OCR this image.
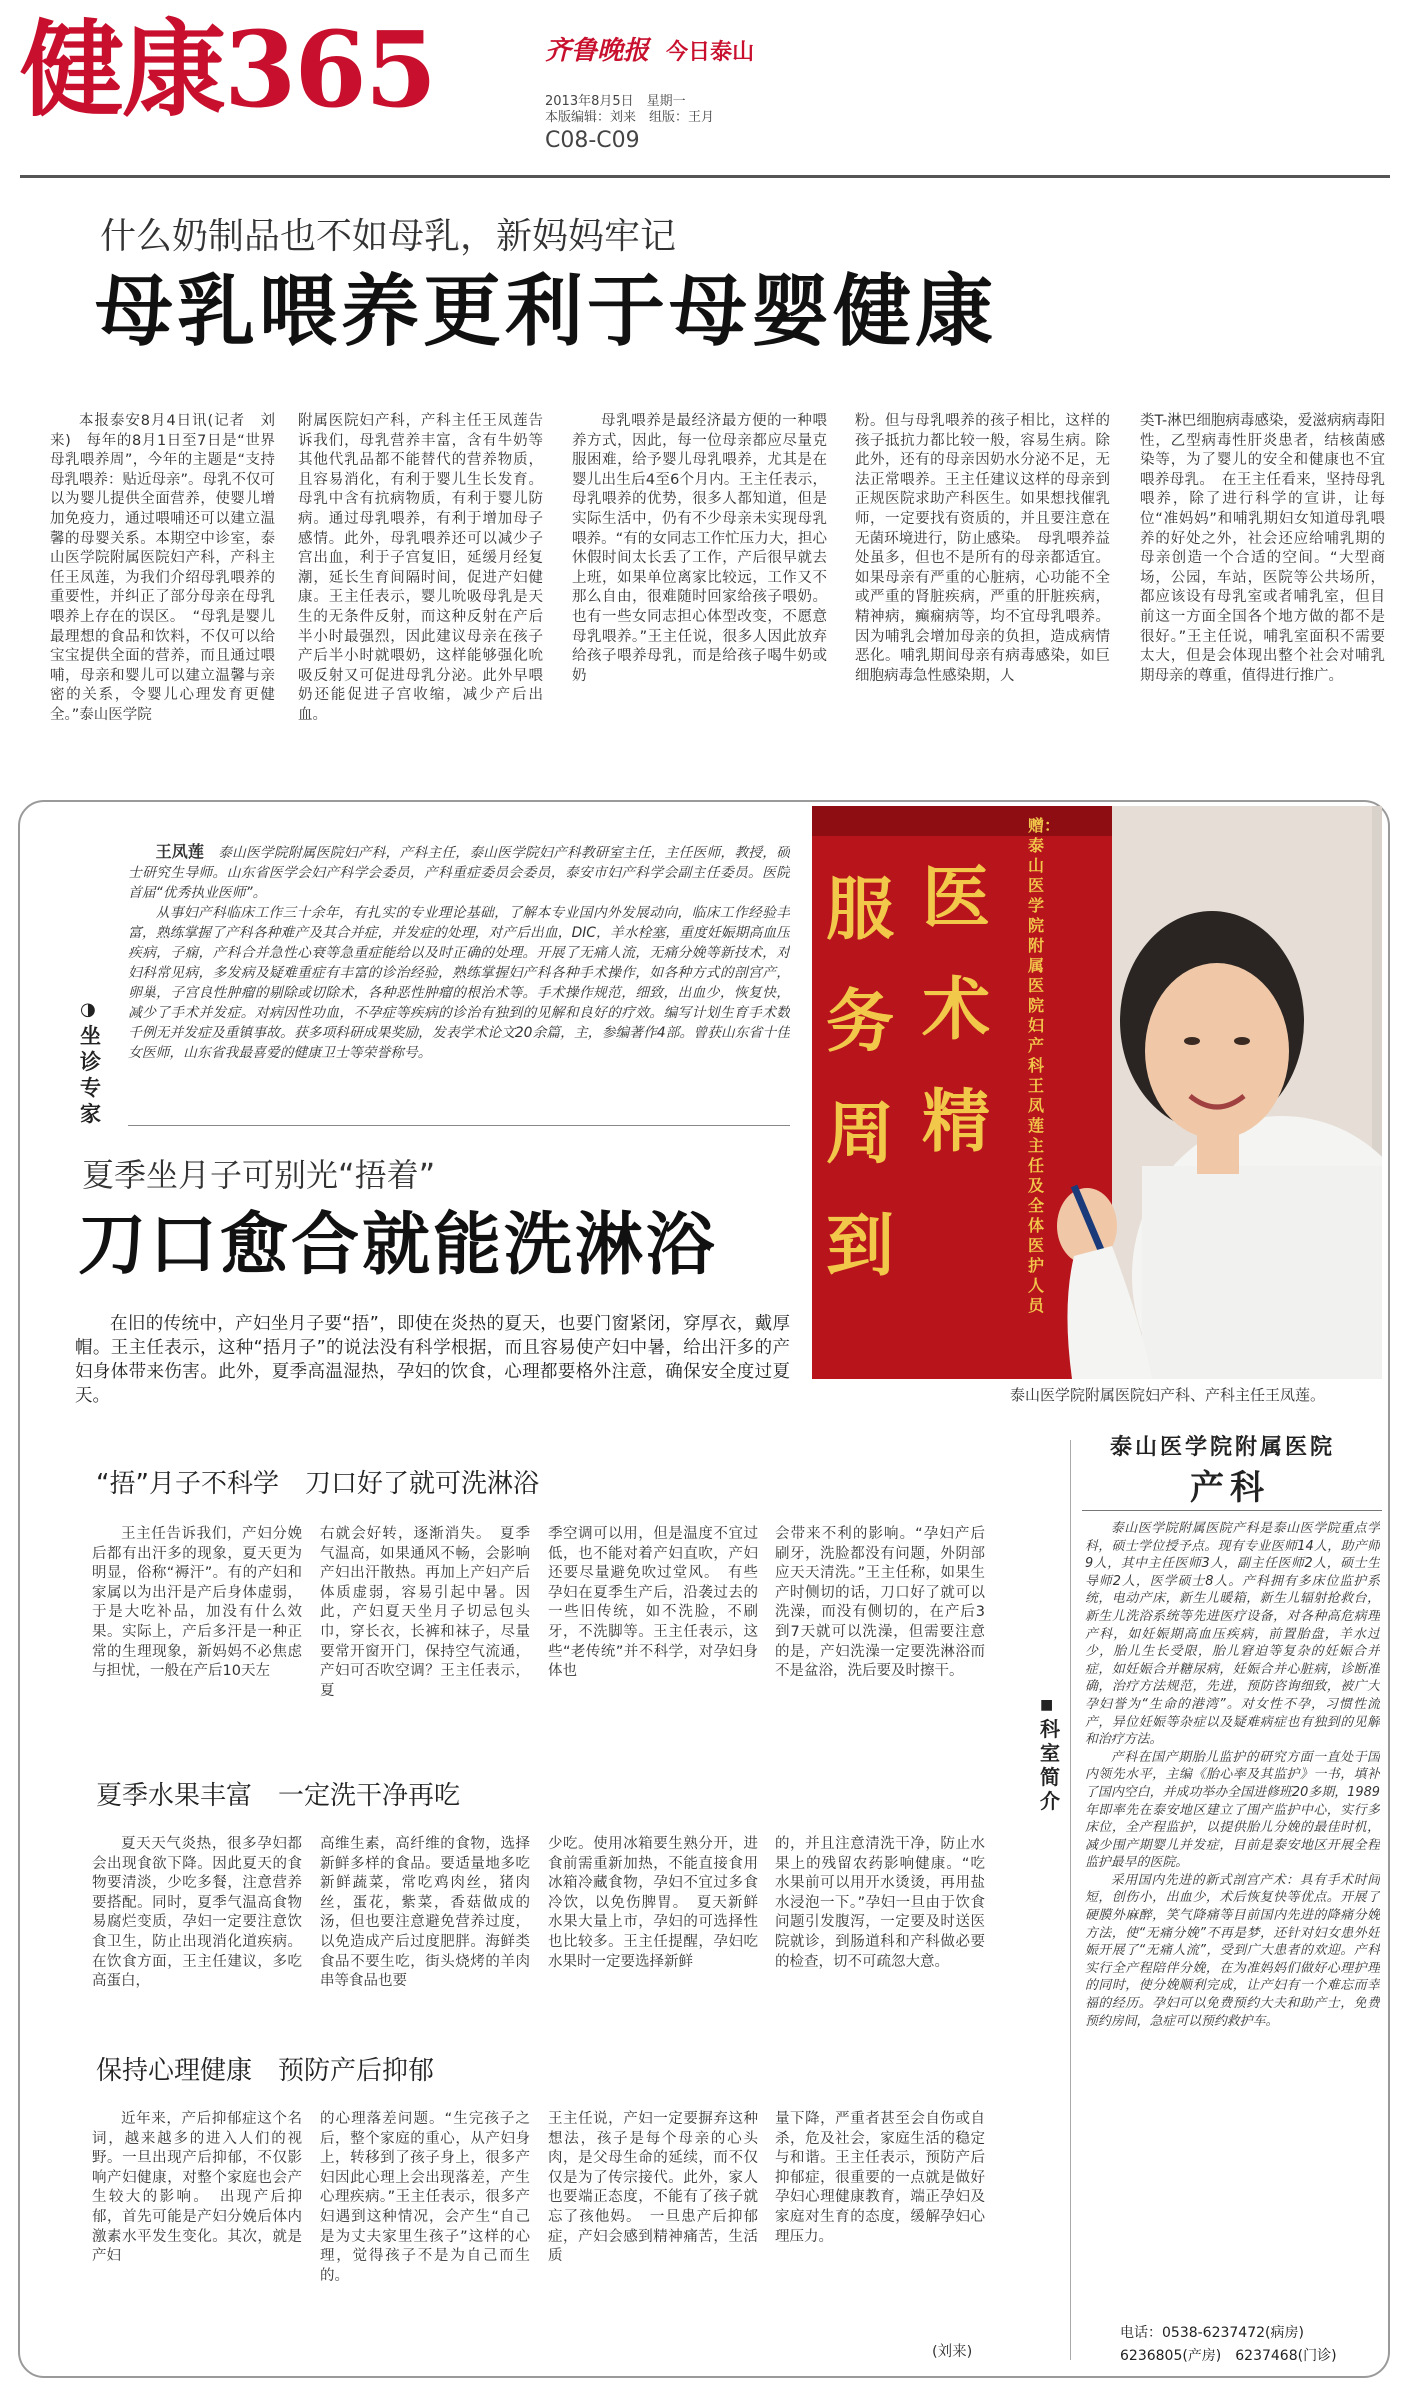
健康365	齐鲁晚报 今日泰山
2013年8月5日　星期一
本版编辑：刘来　组版：王月
C08-C09
什么奶制品也不如母乳，新妈妈牢记
母乳喂养更利于母婴健康

本报泰安8月4日讯(记者　刘来)　每年的8月1日至7日是“世界母乳喂养周”，今年的主题是“支持母乳喂养：贴近母亲”。母乳不仅可以为婴儿提供全面营养，使婴儿增加免疫力，通过喂哺还可以建立温馨的母婴关系。本期空中诊室，泰山医学院附属医院妇产科，产科主任王凤莲，为我们介绍母乳喂养的重要性，并纠正了部分母亲在母乳喂养上存在的误区。　“母乳是婴儿最理想的食品和饮料，不仅可以给宝宝提供全面的营养，而且通过喂哺，母亲和婴儿可以建立温馨与亲密的关系，令婴儿心理发育更健全。”泰山医学院

附属医院妇产科，产科主任王凤莲告诉我们，母乳营养丰富，含有牛奶等其他代乳品都不能替代的营养物质，且容易消化，有利于婴儿生长发育。母乳中含有抗病物质，有利于婴儿防病。通过母乳喂养，有利于增加母子感情。此外，母乳喂养还可以减少子宫出血，利于子宫复旧，延缓月经复潮，延长生育间隔时间，促进产妇健康。王主任表示，婴儿吮吸母乳是天生的无条件反射，而这种反射在产后半小时最强烈，因此建议母亲在孩子产后半小时就喂奶，这样能够强化吮吸反射又可促进母乳分泌。此外早喂奶还能促进子宫收缩，减少产后出血。

母乳喂养是最经济最方便的一种喂养方式，因此，每一位母亲都应尽量克服困难，给予婴儿母乳喂养，尤其是在婴儿出生后4至6个月内。王主任表示，母乳喂养的优势，很多人都知道，但是实际生活中，仍有不少母亲未实现母乳喂养。“有的女同志工作忙压力大，担心休假时间太长丢了工作，产后很早就去上班，如果单位离家比较远，工作又不那么自由，很难随时回家给孩子喂奶。也有一些女同志担心体型改变，不愿意母乳喂养。”王主任说，很多人因此放弃给孩子喂养母乳，而是给孩子喝牛奶或奶

粉。但与母乳喂养的孩子相比，这样的孩子抵抗力都比较一般，容易生病。除此外，还有的母亲因奶水分泌不足，无法正常喂养。王主任建议这样的母亲到正规医院求助产科医生。如果想找催乳师，一定要找有资质的，并且要注意在无菌环境进行，防止感染。　母乳喂养益处虽多，但也不是所有的母亲都适宜。如果母亲有严重的心脏病，心功能不全或严重的肾脏疾病，严重的肝脏疾病，精神病，癫痫病等，均不宜母乳喂养。因为哺乳会增加母亲的负担，造成病情恶化。哺乳期间母亲有病毒感染，如巨细胞病毒急性感染期，人

类T-淋巴细胞病毒感染，爱滋病病毒阳性，乙型病毒性肝炎患者，结核菌感染等，为了婴儿的安全和健康也不宜喂养母乳。　在王主任看来，坚持母乳喂养，除了进行科学的宣讲，让每位“准妈妈”和哺乳期妇女知道母乳喂养的好处之外，社会还应给哺乳期的母亲创造一个合适的空间。“大型商场，公园，车站，医院等公共场所，都应该设有母乳室或者哺乳室，但目前这一方面全国各个地方做的都不是很好。”王主任说，哺乳室面积不需要太大，但是会体现出整个社会对哺乳期母亲的尊重，值得进行推广。

服务周到
医术精
赠：泰山医学院附属医院妇产科王凤莲主任及全体医护人员
泰山医学院附属医院妇产科、产科主任王凤莲。
◑
坐诊专家

王凤莲　 泰山医学院附属医院妇产科，产科主任，泰山医学院妇产科教研室主任，主任医师，教授，硕士研究生导师。山东省医学会妇产科学会委员，产科重症委员会委员，泰安市妇产科学会副主任委员。医院首届“优秀执业医师”。

从事妇产科临床工作三十余年，有扎实的专业理论基础，了解本专业国内外发展动向，临床工作经验丰富，熟练掌握了产科各种难产及其合并症，并发症的处理，对产后出血，DIC，羊水栓塞，重度妊娠期高血压疾病，子痫，产科合并急性心衰等急重症能给以及时正确的处理。开展了无痛人流，无痛分娩等新技术，对妇科常见病，多发病及疑难重症有丰富的诊治经验，熟练掌握妇产科各种手术操作，如各种方式的剖宫产，卵巢，子宫良性肿瘤的剔除或切除术，各种恶性肿瘤的根治术等。手术操作规范，细致，出血少，恢复快，减少了手术并发症。对病因性功血，不孕症等疾病的诊治有独到的见解和良好的疗效。编写计划生育手术数千例无并发症及重镇事故。获多项科研成果奖励，发表学术论文20余篇，主，参编著作4部。曾获山东省十佳女医师，山东省我最喜爱的健康卫士等荣誉称号。

夏季坐月子可别光“捂着”
刀口愈合就能洗淋浴

在旧的传统中，产妇坐月子要“捂”，即使在炎热的夏天，也要门窗紧闭，穿厚衣，戴厚帽。王主任表示，这种“捂月子”的说法没有科学根据，而且容易使产妇中暑，给出汗多的产妇身体带来伤害。此外，夏季高温湿热，孕妇的饮食，心理都要格外注意，确保安全度过夏天。

“捂”月子不科学　刀口好了就可洗淋浴

王主任告诉我们，产妇分娩后都有出汗多的现象，夏天更为明显，俗称“褥汗”。有的产妇和家属以为出汗是产后身体虚弱，于是大吃补品，加没有什么效果。实际上，产后多汗是一种正常的生理现象，新妈妈不必焦虑与担忧，一般在产后10天左

右就会好转，逐渐消失。　夏季气温高，如果通风不畅，会影响产妇出汗散热。再加上产妇产后体质虚弱，容易引起中暑。因此，产妇夏天坐月子切忌包头巾，穿长衣，长裤和袜子，尽量要常开窗开门，保持空气流通，产妇可否吹空调？王主任表示，夏

季空调可以用，但是温度不宜过低，也不能对着产妇直吹，产妇还要尽量避免吹过堂风。　有些孕妇在夏季生产后，沿袭过去的一些旧传统，如不洗脸，不刷牙，不洗脚等。王主任表示，这些“老传统”并不科学，对孕妇身体也

会带来不利的影响。“孕妇产后刷牙，洗脸都没有问题，外阴部应天天清洗。”王主任称，如果生产时侧切的话，刀口好了就可以洗澡，而没有侧切的，在产后3到7天就可以洗澡，但需要注意的是，产妇洗澡一定要洗淋浴而不是盆浴，洗后要及时擦干。

夏季水果丰富　一定洗干净再吃

夏天天气炎热，很多孕妇都会出现食欲下降。因此夏天的食物要清淡，少吃多餐，注意营养要搭配。同时，夏季气温高食物易腐烂变质，孕妇一定要注意饮食卫生，防止出现消化道疾病。在饮食方面，王主任建议，多吃高蛋白，

高维生素，高纤维的食物，选择新鲜多样的食品。要适量地多吃新鲜蔬菜，常吃鸡肉丝，猪肉丝，蛋花，紫菜，香菇做成的汤，但也要注意避免营养过度，以免造成产后过度肥胖。海鲜类食品不要生吃，街头烧烤的羊肉串等食品也要

少吃。使用冰箱要生熟分开，进食前需重新加热，不能直接食用冰箱冷藏食物，孕妇不宜过多食冷饮，以免伤脾胃。　夏天新鲜水果大量上市，孕妇的可选择性也比较多。王主任提醒，孕妇吃水果时一定要选择新鲜

的，并且注意清洗干净，防止水果上的残留农药影响健康。“吃水果前可以用开水烫烫，再用盐水浸泡一下。”孕妇一旦由于饮食问题引发腹泻，一定要及时送医院就诊，到肠道科和产科做必要的检查，切不可疏忽大意。

保持心理健康　预防产后抑郁

近年来，产后抑郁症这个名词，越来越多的进入人们的视野。一旦出现产后抑郁，不仅影响产妇健康，对整个家庭也会产生较大的影响。　出现产后抑郁，首先可能是产妇分娩后体内激素水平发生变化。其次，就是产妇

的心理落差问题。“生完孩子之后，整个家庭的重心，从产妇身上，转移到了孩子身上，很多产妇因此心理上会出现落差，产生心理疾病。”王主任表示，很多产妇遇到这种情况，会产生“自己是为丈夫家里生孩子”这样的心理，觉得孩子不是为自己而生的。

王主任说，产妇一定要摒弃这种想法，孩子是每个母亲的心头肉，是父母生命的延续，而不仅仅是为了传宗接代。此外，家人也要端正态度，不能有了孩子就忘了孩他妈。　一旦患产后抑郁症，产妇会感到精神痛苦，生活质

量下降，严重者甚至会自伤或自杀，危及社会，家庭生活的稳定与和谐。王主任表示，预防产后抑郁症，很重要的一点就是做好孕妇心理健康教育，端正孕妇及家庭对生育的态度，缓解孕妇心理压力。

(刘来)
泰山医学院附属医院
产科
■
科室简介

泰山医学院附属医院产科是泰山医学院重点学科，硕士学位授予点。现有专业医师14人，助产师9人，其中主任医师3人，副主任医师2人，硕士生导师2人，医学硕士8人。产科拥有多床位监护系统，电动产床，新生儿暖箱，新生儿辐射抢救台，新生儿洗浴系统等先进医疗设备，对各种高危病理产科，如妊娠期高血压疾病，前置胎盘，羊水过少，胎儿生长受限，胎儿窘迫等复杂的妊娠合并症，如妊娠合并糖尿病，妊娠合并心脏病，诊断准确，治疗方法规范，先进，预防咨询细致，被广大孕妇誉为“生命的港湾”。对女性不孕，习惯性流产，异位妊娠等杂症以及疑难病症也有独到的见解和治疗方法。

产科在国产期胎儿监护的研究方面一直处于国内领先水平，主编《胎心率及其监护》一书，填补了国内空白，并成功举办全国进修班20多期，1989年即率先在泰安地区建立了围产监护中心，实行多床位，全产程监护，以提供胎儿分娩的最佳时机，减少围产期婴儿并发症，目前是泰安地区开展全程监护最早的医院。

采用国内先进的新式剖宫产术：具有手术时间短，创伤小，出血少，术后恢复快等优点。开展了硬膜外麻醉，笑气降痛等目前国内先进的降痛分娩方法，使“无痛分娩”不再是梦，还针对妇女患外妊娠开展了“无痛人流”，受到广大患者的欢迎。产科实行全产程陪伴分娩，在为准妈妈们做好心理护理的同时，使分娩顺利完成，让产妇有一个难忘而幸福的经历。孕妇可以免费预约大夫和助产士，免费预约房间，急症可以预约救护车。

电话：0538-6237472(病房)
6236805(产房)　6237468(门诊)
